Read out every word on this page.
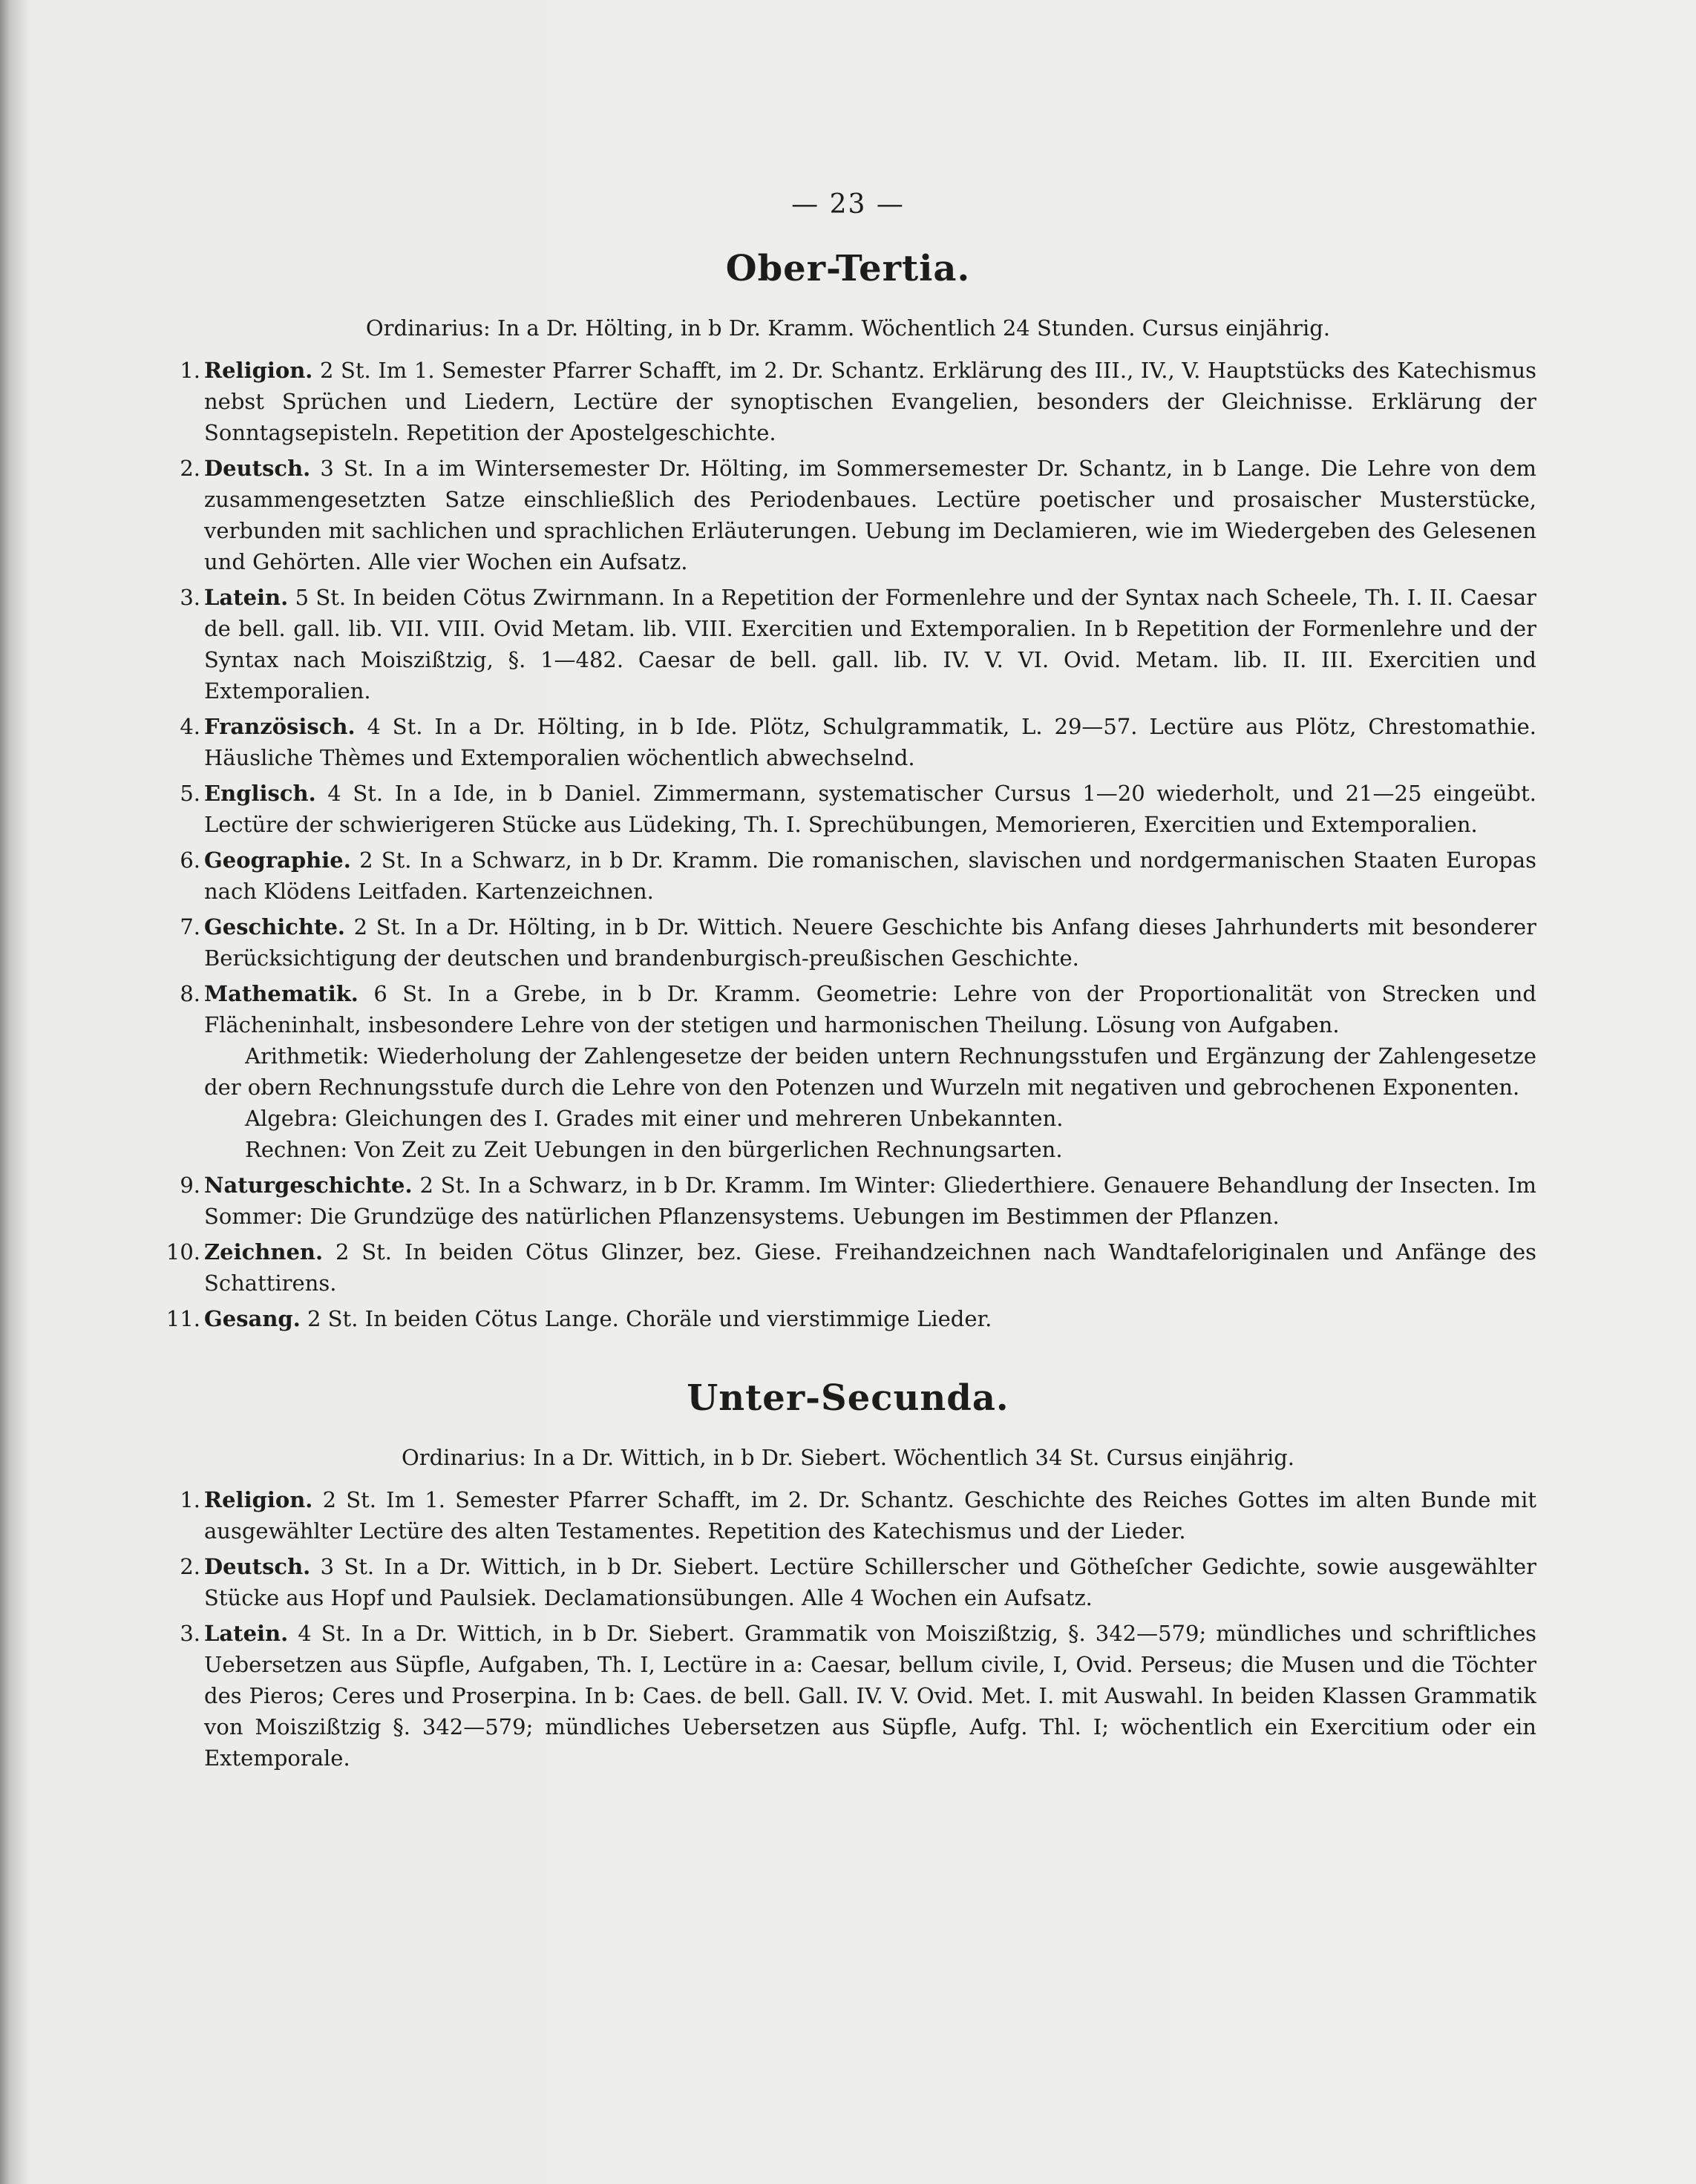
— 23 —
Ober-Tertia.
Ordinarius: In a Dr. Hölting, in b Dr. Kramm. Wöchentlich 24 Stunden. Cursus einjährig.
1. Religion. 2 St. Im 1. Semester Pfarrer Schafft, im 2. Dr. Schantz. Erklärung des III., IV., V. Hauptstücks des Katechismus nebst Sprüchen und Liedern, Lectüre der synoptischen Evangelien, besonders der Gleichnisse. Erklärung der Sonntagsepisteln. Repetition der Apostelgeschichte.
2. Deutsch. 3 St. In a im Wintersemester Dr. Hölting, im Sommersemester Dr. Schantz, in b Lange. Die Lehre von dem zusammengesetzten Satze einschließlich des Periodenbaues. Lectüre poetischer und prosaischer Musterstücke, verbunden mit sachlichen und sprachlichen Erläuterungen. Uebung im Declamieren, wie im Wiedergeben des Gelesenen und Gehörten. Alle vier Wochen ein Aufsatz.
3. Latein. 5 St. In beiden Cötus Zwirnmann. In a Repetition der Formenlehre und der Syntax nach Scheele, Th. I. II. Caesar de bell. gall. lib. VII. VIII. Ovid Metam. lib. VIII. Exercitien und Extemporalien. In b Repetition der Formenlehre und der Syntax nach Moiszißtzig, §. 1—482. Caesar de bell. gall. lib. IV. V. VI. Ovid. Metam. lib. II. III. Exercitien und Extemporalien.
4. Französisch. 4 St. In a Dr. Hölting, in b Ide. Plötz, Schulgrammatik, L. 29—57. Lectüre aus Plötz, Chrestomathie. Häusliche Thèmes und Extemporalien wöchentlich abwechselnd.
5. Englisch. 4 St. In a Ide, in b Daniel. Zimmermann, systematischer Cursus 1—20 wiederholt, und 21—25 eingeübt. Lectüre der schwierigeren Stücke aus Lüdeking, Th. I. Sprechübungen, Memorieren, Exercitien und Extemporalien.
6. Geographie. 2 St. In a Schwarz, in b Dr. Kramm. Die romanischen, slavischen und nordgermanischen Staaten Europas nach Klödens Leitfaden. Kartenzeichnen.
7. Geschichte. 2 St. In a Dr. Hölting, in b Dr. Wittich. Neuere Geschichte bis Anfang dieses Jahrhunderts mit besonderer Berücksichtigung der deutschen und brandenburgisch-preußischen Geschichte.
8. Mathematik. 6 St. In a Grebe, in b Dr. Kramm. Geometrie: Lehre von der Proportionalität von Strecken und Flächeninhalt, insbesondere Lehre von der stetigen und harmonischen Theilung. Lösung von Aufgaben.
Arithmetik: Wiederholung der Zahlengesetze der beiden untern Rechnungsstufen und Ergänzung der Zahlengesetze der obern Rechnungsstufe durch die Lehre von den Potenzen und Wurzeln mit negativen und gebrochenen Exponenten.
Algebra: Gleichungen des I. Grades mit einer und mehreren Unbekannten.
Rechnen: Von Zeit zu Zeit Uebungen in den bürgerlichen Rechnungsarten.
9. Naturgeschichte. 2 St. In a Schwarz, in b Dr. Kramm. Im Winter: Gliederthiere. Genauere Behandlung der Insecten. Im Sommer: Die Grundzüge des natürlichen Pflanzensystems. Uebungen im Bestimmen der Pflanzen.
10. Zeichnen. 2 St. In beiden Cötus Glinzer, bez. Giese. Freihandzeichnen nach Wandtafeloriginalen und Anfänge des Schattirens.
11. Gesang. 2 St. In beiden Cötus Lange. Choräle und vierstimmige Lieder.
Unter-Secunda.
Ordinarius: In a Dr. Wittich, in b Dr. Siebert. Wöchentlich 34 St. Cursus einjährig.
1. Religion. 2 St. Im 1. Semester Pfarrer Schafft, im 2. Dr. Schantz. Geschichte des Reiches Gottes im alten Bunde mit ausgewählter Lectüre des alten Testamentes. Repetition des Katechismus und der Lieder.
2. Deutsch. 3 St. In a Dr. Wittich, in b Dr. Siebert. Lectüre Schillerscher und Götheſcher Gedichte, sowie ausgewählter Stücke aus Hopf und Paulsiek. Declamationsübungen. Alle 4 Wochen ein Aufsatz.
3. Latein. 4 St. In a Dr. Wittich, in b Dr. Siebert. Grammatik von Moiszißtzig, §. 342—579; mündliches und schriftliches Uebersetzen aus Süpfle, Aufgaben, Th. I, Lectüre in a: Caesar, bellum civile, I, Ovid. Perseus; die Musen und die Töchter des Pieros; Ceres und Proserpina. In b: Caes. de bell. Gall. IV. V. Ovid. Met. I. mit Auswahl. In beiden Klassen Grammatik von Moiszißtzig §. 342—579; mündliches Uebersetzen aus Süpfle, Aufg. Thl. I; wöchentlich ein Exercitium oder ein Extemporale.
